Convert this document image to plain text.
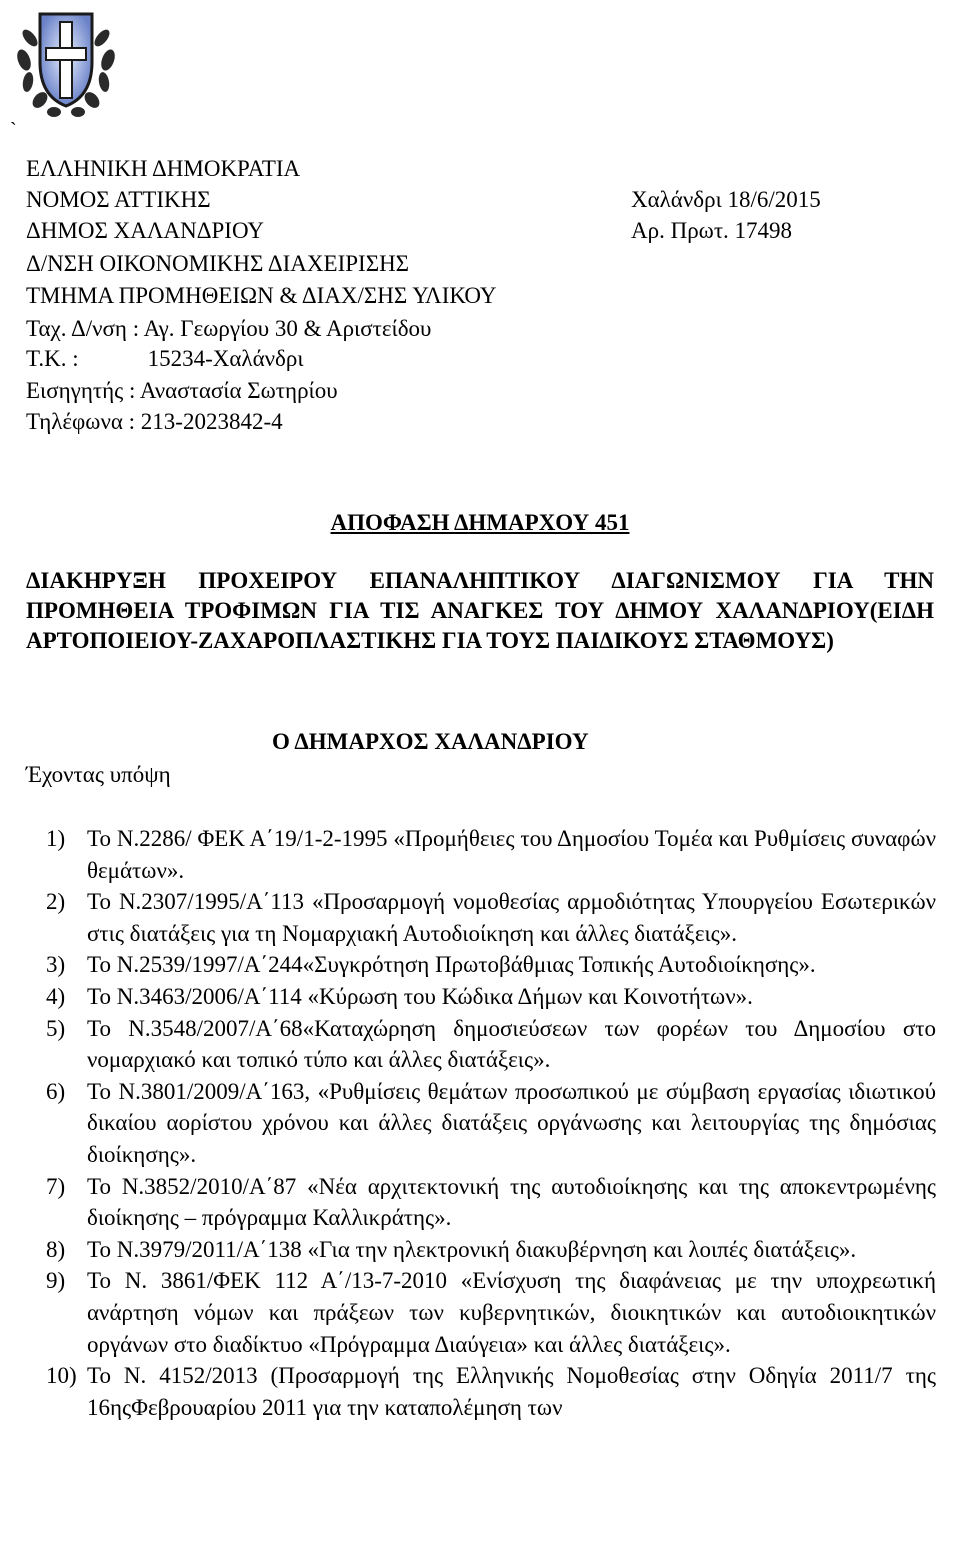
`
ΕΛΛΗΝΙΚΗ ΔΗΜΟΚΡΑΤΙΑ
ΝΟΜΟΣ ΑΤΤΙΚΗΣ
ΔΗΜΟΣ ΧΑΛΑΝΔΡΙΟΥ
Δ/ΝΣΗ ΟΙΚΟΝΟΜΙΚΗΣ ΔΙΑΧΕΙΡΙΣΗΣ
ΤΜΗΜΑ ΠΡΟΜΗΘΕΙΩΝ & ΔΙΑΧ/ΣΗΣ ΥΛΙΚΟΥ
Ταχ. Δ/νση : Αγ. Γεωργίου 30 & Αριστείδου
Τ.Κ. :            15234-Χαλάνδρι
Εισηγητής : Αναστασία Σωτηρίου
Τηλέφωνα : 213-2023842-4
Χαλάνδρι 18/6/2015
Αρ. Πρωτ. 17498
ΑΠΟΦΑΣΗ ΔΗΜΑΡΧΟΥ 451
ΔΙΑΚΗΡΥΞΗ ΠΡΟΧΕΙΡΟΥ ΕΠΑΝΑΛΗΠΤΙΚΟΥ ΔΙΑΓΩΝΙΣΜΟΥ ΓΙΑ ΤΗΝ ΠΡΟΜΗΘΕΙΑ ΤΡΟΦΙΜΩΝ ΓΙΑ ΤΙΣ ΑΝΑΓΚΕΣ ΤΟΥ ΔΗΜΟΥ ΧΑΛΑΝΔΡΙΟΥ(ΕΙΔΗ ΑΡΤΟΠΟΙΕΙΟΥ-ΖΑΧΑΡΟΠΛΑΣΤΙΚΗΣ ΓΙΑ ΤΟΥΣ ΠΑΙΔΙΚΟΥΣ ΣΤΑΘΜΟΥΣ)
Ο ΔΗΜΑΡΧΟΣ ΧΑΛΑΝΔΡΙΟΥ
Έχοντας υπόψη
1) Το Ν.2286/ ΦΕΚ Α΄19/1-2-1995 «Προμήθειες του Δημοσίου Τομέα και Ρυθμίσεις συναφών θεμάτων».
2) Το Ν.2307/1995/Α΄113 «Προσαρμογή νομοθεσίας αρμοδιότητας Υπουργείου Εσωτερικών στις διατάξεις για τη Νομαρχιακή Αυτοδιοίκηση και άλλες διατάξεις».
3) Το Ν.2539/1997/Α΄244«Συγκρότηση Πρωτοβάθμιας Τοπικής Αυτοδιοίκησης».
4) Το Ν.3463/2006/Α΄114 «Κύρωση του Κώδικα Δήμων και Κοινοτήτων».
5) Το Ν.3548/2007/Α΄68«Καταχώρηση δημοσιεύσεων των φορέων του Δημοσίου στο νομαρχιακό και τοπικό τύπο και άλλες διατάξεις».
6) Το Ν.3801/2009/Α΄163, «Ρυθμίσεις θεμάτων προσωπικού με σύμβαση εργασίας ιδιωτικού δικαίου αορίστου χρόνου και άλλες διατάξεις οργάνωσης και λειτουργίας της δημόσιας διοίκησης».
7) Το Ν.3852/2010/Α΄87 «Νέα αρχιτεκτονική της αυτοδιοίκησης και της αποκεντρωμένης διοίκησης – πρόγραμμα Καλλικράτης».
8) Το Ν.3979/2011/Α΄138 «Για την ηλεκτρονική διακυβέρνηση και λοιπές διατάξεις».
9) Το Ν. 3861/ΦΕΚ 112 Α΄/13-7-2010 «Ενίσχυση της διαφάνειας με την υποχρεωτική ανάρτηση νόμων και πράξεων των κυβερνητικών, διοικητικών και αυτοδιοικητικών οργάνων στο διαδίκτυο «Πρόγραμμα Διαύγεια» και άλλες διατάξεις».
10) Το Ν. 4152/2013 (Προσαρμογή της Ελληνικής Νομοθεσίας στην Οδηγία 2011/7 της 16ηςΦεβρουαρίου 2011 για την καταπολέμηση των
